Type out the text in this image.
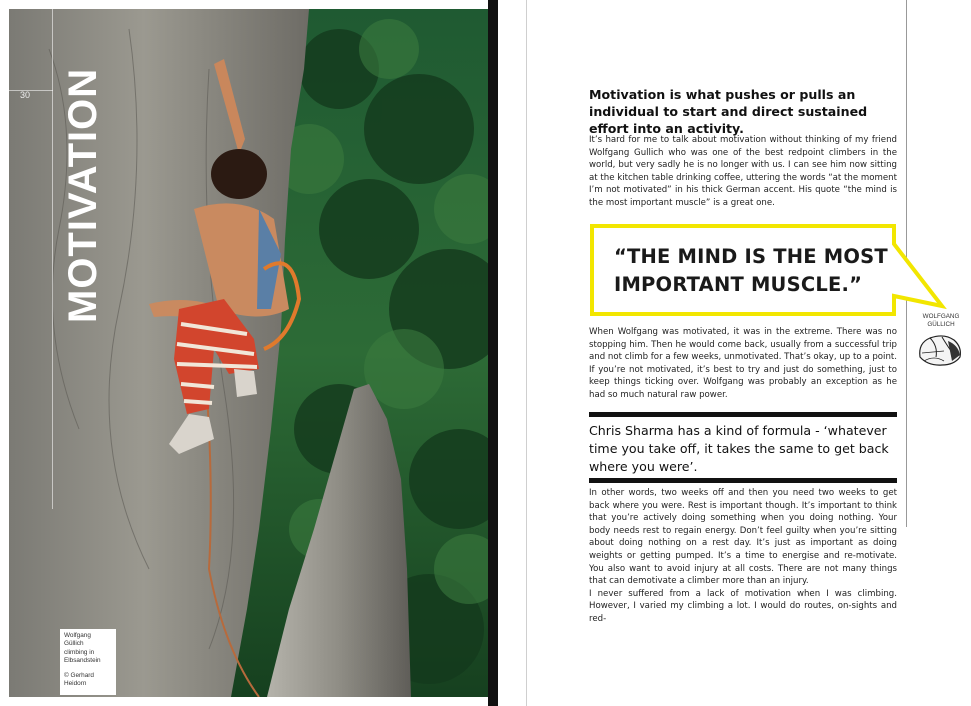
30 MOTIVATION

Wolfgang Güllich

climbing in

Elbsandstein

© Gerhard

Heidorn

Motivation is what pushes or pulls an individual to start and direct sustained effort into an activity.
It’s hard for me to talk about motivation without thinking of my friend Wolfgang Gullich who was one of the best redpoint climbers in the world, but very sadly he is no longer with us. I can see him now sitting at the kitchen table drinking coffee, uttering the words “at the moment I’m not motivated” in his thick German accent. His quote “the mind is the most important muscle” is a great one.
“THE MIND IS THE MOST
IMPORTANT MUSCLE.”
WOLFGANG
GÜLLICH
When Wolfgang was motivated, it was in the extreme. There was no stopping him. Then he would come back, usually from a successful trip and not climb for a few weeks, unmotivated. That’s okay, up to a point. If you’re not motivated, it’s best to try and just do something, just to keep things ticking over. Wolfgang was probably an exception as he had so much natural raw power.
Chris Sharma has a kind of formula - ‘whatever time you take off, it takes the same to get back where you were’.
In other words, two weeks off and then you need two weeks to get back where you were. Rest is important though. It’s important to think that you’re actively doing something when you doing nothing. Your body needs rest to regain energy. Don’t feel guilty when you’re sitting about doing nothing on a rest day. It’s just as important as doing weights or getting pumped. It’s a time to energise and re-motivate. You also want to avoid injury at all costs. There are not many things that can demotivate a climber more than an injury.
I never suffered from a lack of motivation when I was climbing. However, I varied my climbing a lot. I would do routes, on-sights and red-
